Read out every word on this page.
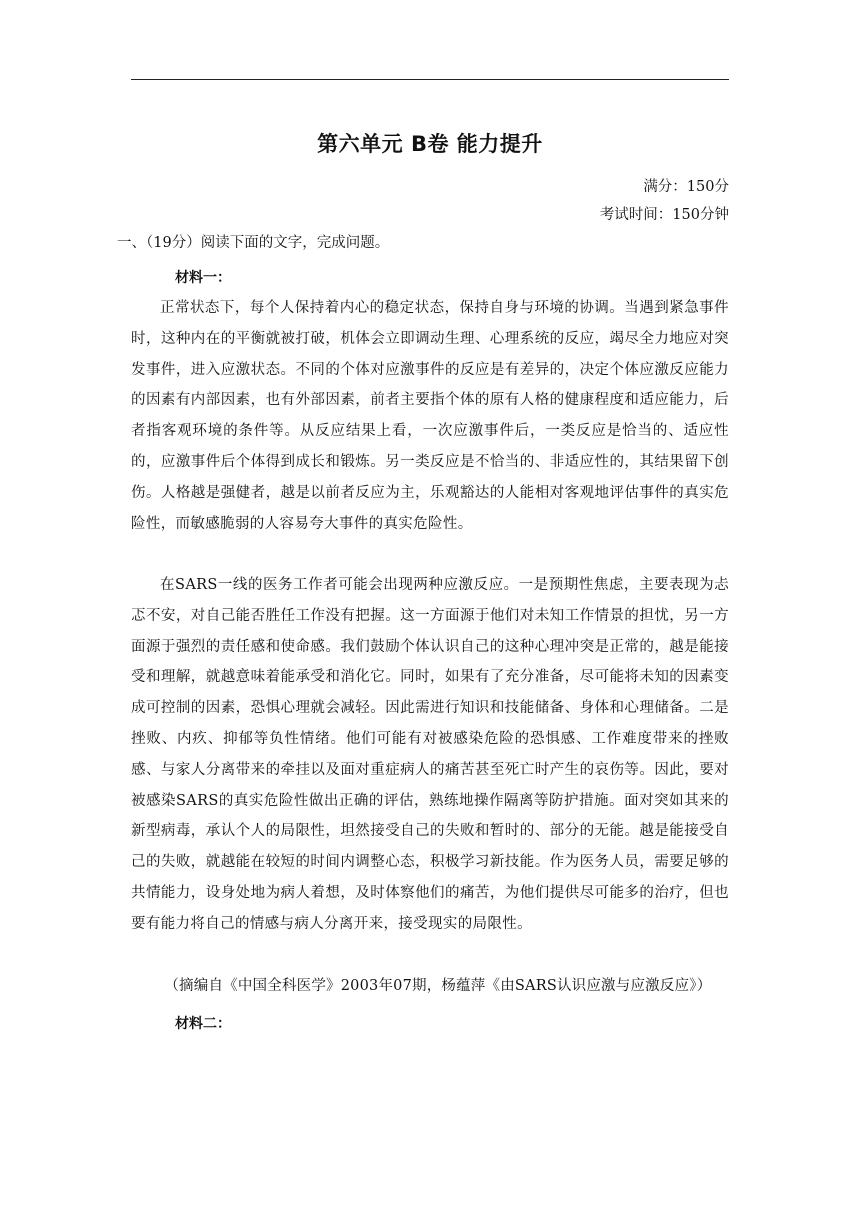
第六单元 B卷 能力提升
满分：150分
考试时间：150分钟
一、（19分）阅读下面的文字，完成问题。
材料一：
正常状态下，每个人保持着内心的稳定状态，保持自身与环境的协调。当遇到紧急事件时，这种内在的平衡就被打破，机体会立即调动生理、心理系统的反应，竭尽全力地应对突发事件，进入应激状态。不同的个体对应激事件的反应是有差异的，决定个体应激反应能力的因素有内部因素，也有外部因素，前者主要指个体的原有人格的健康程度和适应能力，后者指客观环境的条件等。从反应结果上看，一次应激事件后，一类反应是恰当的、适应性的，应激事件后个体得到成长和锻炼。另一类反应是不恰当的、非适应性的，其结果留下创伤。人格越是强健者，越是以前者反应为主，乐观豁达的人能相对客观地评估事件的真实危险性，而敏感脆弱的人容易夸大事件的真实危险性。
在SARS一线的医务工作者可能会出现两种应激反应。一是预期性焦虑，主要表现为忐忑不安，对自己能否胜任工作没有把握。这一方面源于他们对未知工作情景的担忧，另一方面源于强烈的责任感和使命感。我们鼓励个体认识自己的这种心理冲突是正常的，越是能接受和理解，就越意味着能承受和消化它。同时，如果有了充分准备，尽可能将未知的因素变成可控制的因素，恐惧心理就会减轻。因此需进行知识和技能储备、身体和心理储备。二是挫败、内疚、抑郁等负性情绪。他们可能有对被感染危险的恐惧感、工作难度带来的挫败感、与家人分离带来的牵挂以及面对重症病人的痛苦甚至死亡时产生的哀伤等。因此，要对被感染SARS的真实危险性做出正确的评估，熟练地操作隔离等防护措施。面对突如其来的新型病毒，承认个人的局限性，坦然接受自己的失败和暂时的、部分的无能。越是能接受自己的失败，就越能在较短的时间内调整心态，积极学习新技能。作为医务人员，需要足够的共情能力，设身处地为病人着想，及时体察他们的痛苦，为他们提供尽可能多的治疗，但也要有能力将自己的情感与病人分离开来，接受现实的局限性。
（摘编自《中国全科医学》2003年07期，杨蕴萍《由SARS认识应激与应激反应》）
材料二：
